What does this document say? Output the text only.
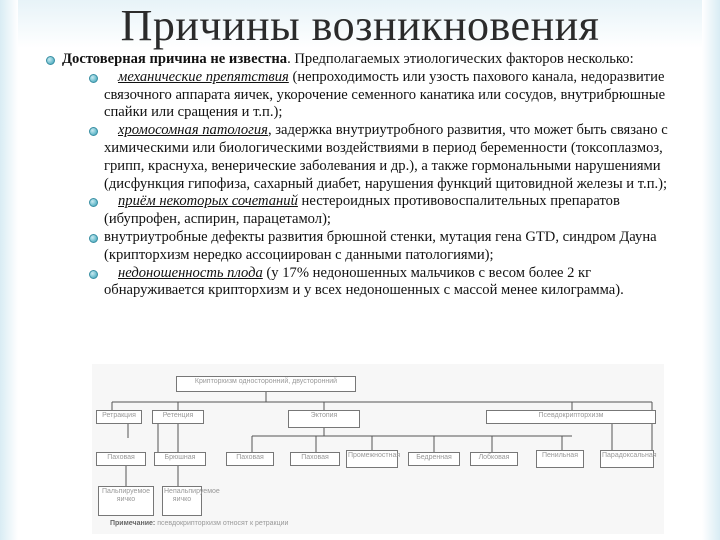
Причины возникновения

Достоверная причина не известна. Предполагаемых этиологических факторов несколько:

механические препятствия (непроходимость или узость пахового канала, недоразвитие связочного аппарата яичек, укорочение семенного канатика или сосудов, внутрибрюшные спайки или сращения и т.п.);

хромосомная патология, задержка внутриутробного развития, что может быть связано с химическими или биологическими воздействиями в период беременности (токсоплазмоз, грипп, краснуха, венерические заболевания и др.), а также гормональными нарушениями (дисфункция гипофиза, сахарный диабет, нарушения функций щитовидной железы и т.п.);

приём некоторых сочетаний нестероидных противовоспалительных препаратов (ибупрофен, аспирин, парацетамол);

внутриутробные дефекты развития брюшной стенки, мутация гена GTD, синдром Дауна (крипторхизм нередко ассоциирован с данными патологиями);

недоношенность плода (у 17% недоношенных мальчиков с весом более 2 кг обнаруживается крипторхизм и у всех недоношенных с массой менее килограмма).

Крипторхизм односторонний, двусторонний
Ретракция	Ретенция	Эктопия	Псевдокрипторхизм
Паховая	Брюшная	Паховая	Паховая	Промежностная	Бедренная	Лобковая	Пенильная	Парадоксальная
Пальпируемое яичко
Непальпируемое яичко
Примечание: псевдокрипторхизм относят к ретракции
